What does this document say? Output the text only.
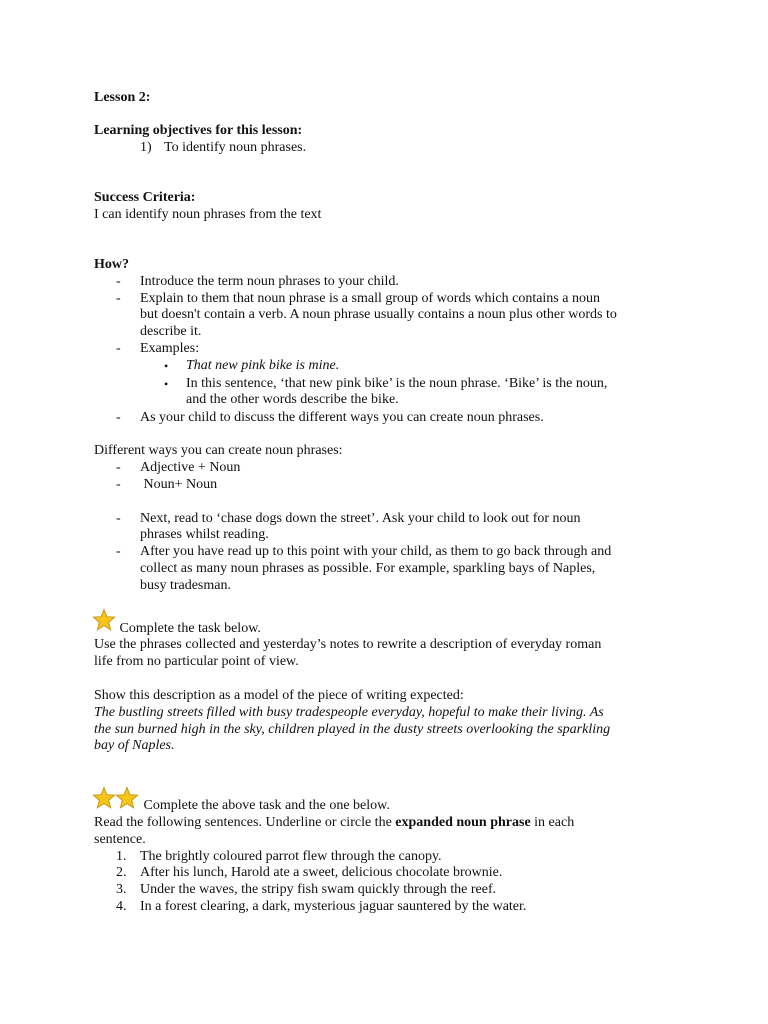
Lesson 2:
Learning objectives for this lesson:
1) To identify noun phrases.
Success Criteria:
I can identify noun phrases from the text
How?
- Introduce the term noun phrases to your child.
- Explain to them that noun phrase is a small group of words which contains a noun
but doesn't contain a verb. A noun phrase usually contains a noun plus other words to
describe it.
- Examples:
• That new pink bike is mine.
• In this sentence, ‘that new pink bike’ is the noun phrase. ‘Bike’ is the noun,
and the other words describe the bike.
- As your child to discuss the different ways you can create noun phrases.
Different ways you can create noun phrases:
- Adjective + Noun
- Noun+ Noun
- Next, read to ‘chase dogs down the street’. Ask your child to look out for noun
phrases whilst reading.
- After you have read up to this point with your child, as them to go back through and
collect as many noun phrases as possible. For example, sparkling bays of Naples,
busy tradesman.
Complete the task below.
Use the phrases collected and yesterday’s notes to rewrite a description of everyday roman
life from no particular point of view.
Show this description as a model of the piece of writing expected:
The bustling streets filled with busy tradespeople everyday, hopeful to make their living. As
the sun burned high in the sky, children played in the dusty streets overlooking the sparkling
bay of Naples.
Complete the above task and the one below.
Read the following sentences. Underline or circle the expanded noun phrase in each
sentence.
1. The brightly coloured parrot flew through the canopy.
2. After his lunch, Harold ate a sweet, delicious chocolate brownie.
3. Under the waves, the stripy fish swam quickly through the reef.
4. In a forest clearing, a dark, mysterious jaguar sauntered by the water.
